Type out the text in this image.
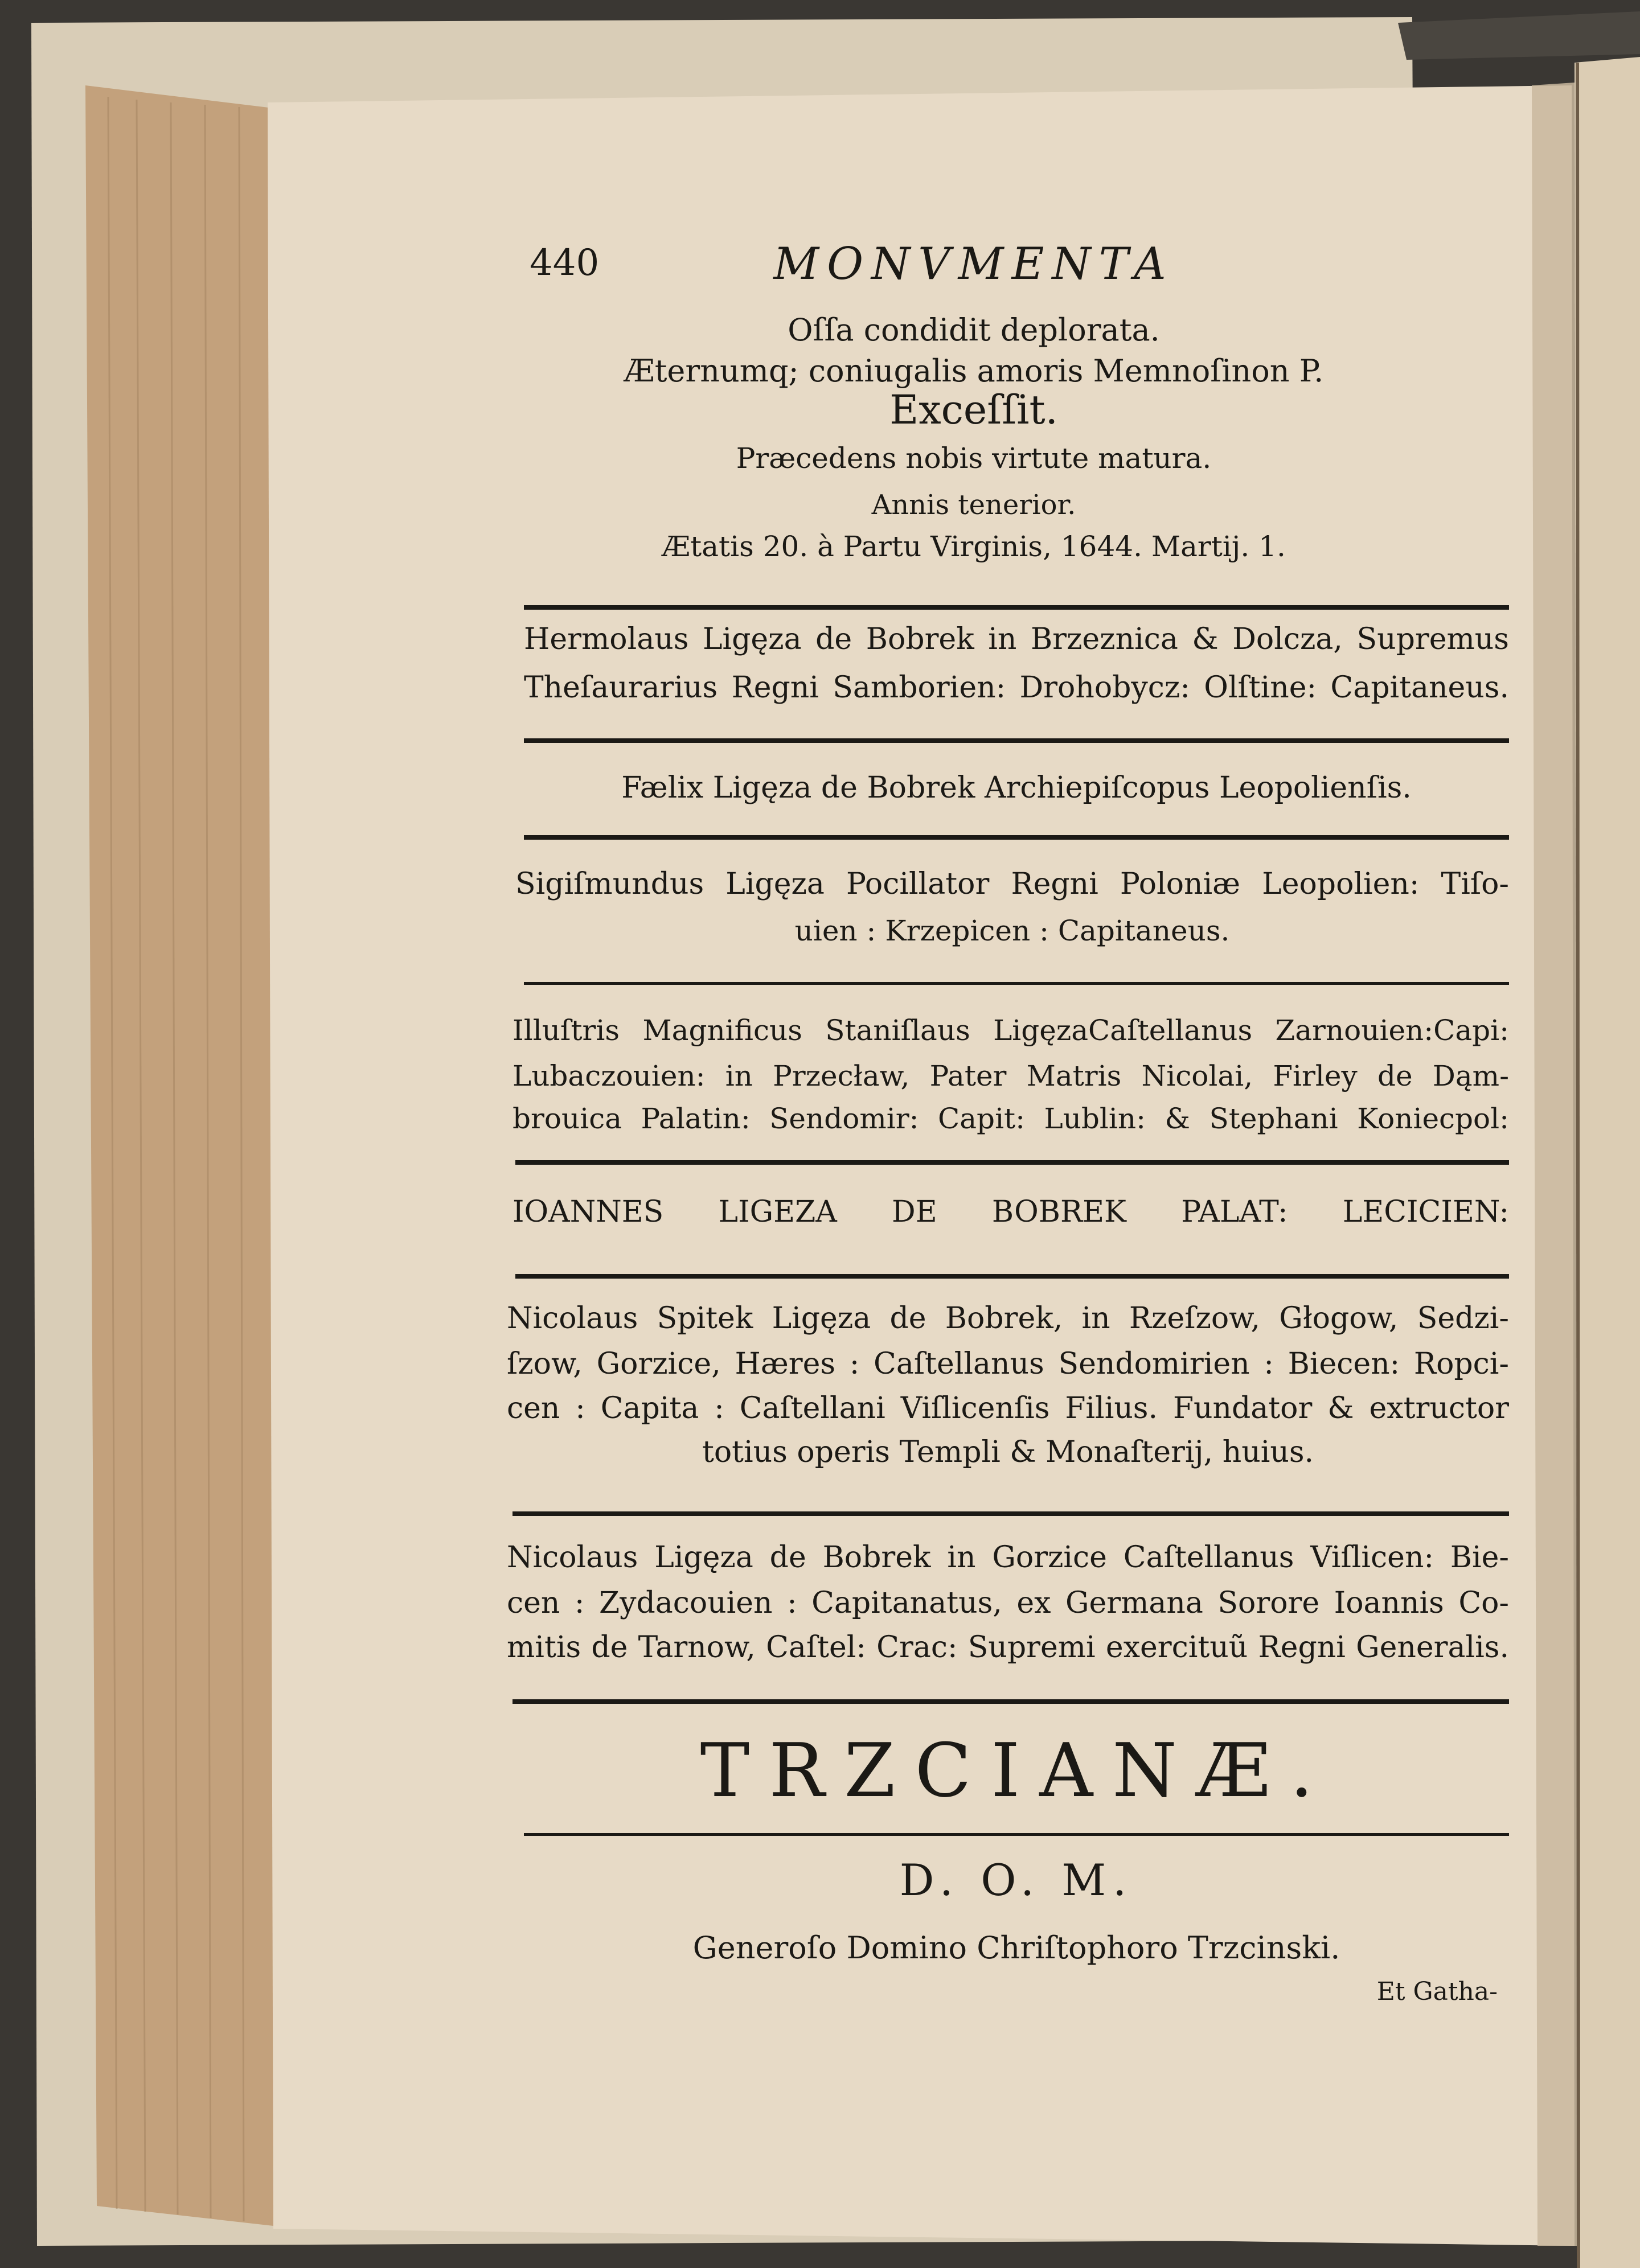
440	MONVMENTA
Oſſa condidit deplorata.
Æternumq; coniugalis amoris Memnoſinon P.
Exceſſit.
Præcedens nobis virtute matura.
Annis tenerior.
Ætatis 20. à Partu Virginis, 1644. Martij. 1.
Hermolaus Ligęza de Bobrek in Brzeznica & Dolcza, Supremus
Theſaurarius Regni Samborien: Drohobycz: Olſtine: Capitaneus.
Fælix Ligęza de Bobrek Archiepiſcopus Leopolienſis.
Sigiſmundus Ligęza Pocillator Regni Poloniæ Leopolien: Tiſo-
uien : Krzepicen : Capitaneus.
Illuſtris Magnificus Staniſlaus LigęzaCaſtellanus Zarnouien:Capi:
Lubaczouien: in Przecław, Pater Matris Nicolai, Firley de Dąm-
brouica Palatin: Sendomir: Capit: Lublin: & Stephani Koniecpol:
IOANNES LIGEZA DE BOBREK PALAT: LECICIEN:
Nicolaus Spitek Ligęza de Bobrek, in Rzeſzow, Głogow, Sedzi-
ſzow, Gorzice, Hæres : Caſtellanus Sendomirien : Biecen: Ropci-
cen : Capita : Caſtellani Viſlicenſis Filius. Fundator & extructor
totius operis Templi & Monaſterij, huius.
Nicolaus Ligęza de Bobrek in Gorzice Caſtellanus Viſlicen: Bie-
cen : Zydacouien : Capitanatus, ex Germana Sorore Ioannis Co-
mitis de Tarnow, Caſtel: Crac: Supremi exercituũ Regni Generalis.
TRZCIANÆ.
D. O. M.
Generoſo Domino Chriſtophoro Trzcinski.
Et Gatha-
